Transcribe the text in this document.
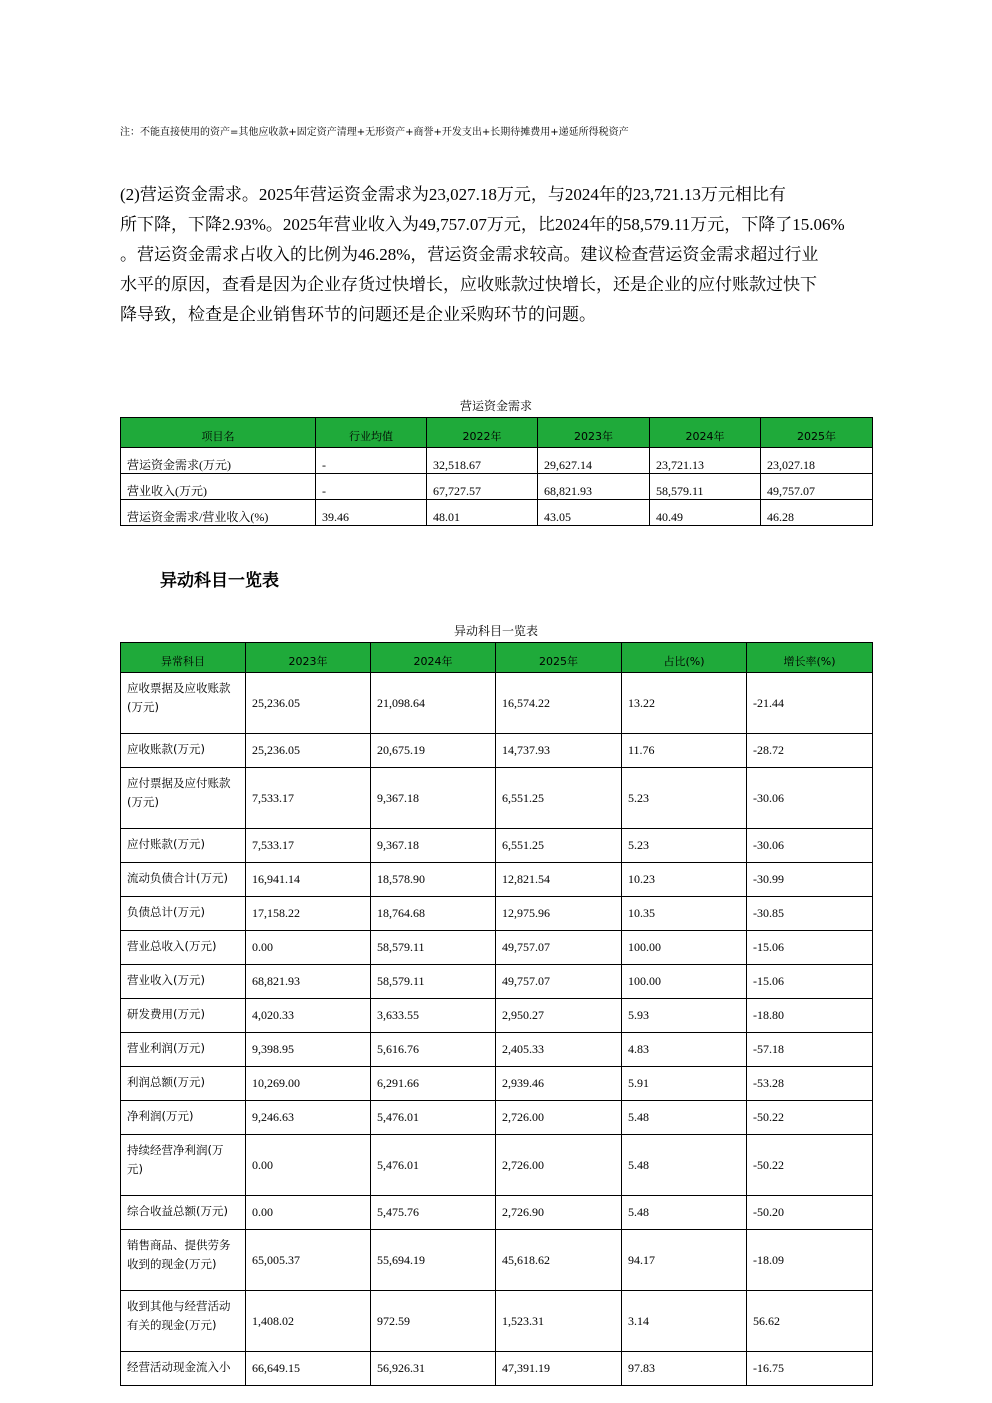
注：不能直接使用的资产=其他应收款+固定资产清理+无形资产+商誉+开发支出+长期待摊费用+递延所得税资产

(2)营运资金需求。2025年营运资金需求为23,027.18万元，与2024年的23,721.13万元相比有

所下降，下降2.93%。2025年营业收入为49,757.07万元，比2024年的58,579.11万元，下降了15.06%

。营运资金需求占收入的比例为46.28%，营运资金需求较高。建议检查营运资金需求超过行业

水平的原因，查看是因为企业存货过快增长，应收账款过快增长，还是企业的应付账款过快下

降导致，检查是企业销售环节的问题还是企业采购环节的问题。

营运资金需求
项目名	行业均值	2022年	2023年	2024年	2025年
营运资金需求(万元)	-	32,518.67	29,627.14	23,721.13	23,027.18
营业收入(万元)	-	67,727.57	68,821.93	58,579.11	49,757.07
营运资金需求/营业收入(%)	39.46	48.01	43.05	40.49	46.28
异动科目一览表
异动科目一览表
异常科目	2023年	2024年	2025年	占比(%)	增长率(%)
应收票据及应收账款(万元)	25,236.05	21,098.64	16,574.22	13.22	-21.44
应收账款(万元)	25,236.05	20,675.19	14,737.93	11.76	-28.72
应付票据及应付账款(万元)	7,533.17	9,367.18	6,551.25	5.23	-30.06
应付账款(万元)	7,533.17	9,367.18	6,551.25	5.23	-30.06
流动负债合计(万元)	16,941.14	18,578.90	12,821.54	10.23	-30.99
负债总计(万元)	17,158.22	18,764.68	12,975.96	10.35	-30.85
营业总收入(万元)	0.00	58,579.11	49,757.07	100.00	-15.06
营业收入(万元)	68,821.93	58,579.11	49,757.07	100.00	-15.06
研发费用(万元)	4,020.33	3,633.55	2,950.27	5.93	-18.80
营业利润(万元)	9,398.95	5,616.76	2,405.33	4.83	-57.18
利润总额(万元)	10,269.00	6,291.66	2,939.46	5.91	-53.28
净利润(万元)	9,246.63	5,476.01	2,726.00	5.48	-50.22
持续经营净利润(万元)	0.00	5,476.01	2,726.00	5.48	-50.22
综合收益总额(万元)	0.00	5,475.76	2,726.90	5.48	-50.20
销售商品、提供劳务收到的现金(万元)	65,005.37	55,694.19	45,618.62	94.17	-18.09
收到其他与经营活动有关的现金(万元)	1,408.02	972.59	1,523.31	3.14	56.62
经营活动现金流入小	66,649.15	56,926.31	47,391.19	97.83	-16.75
